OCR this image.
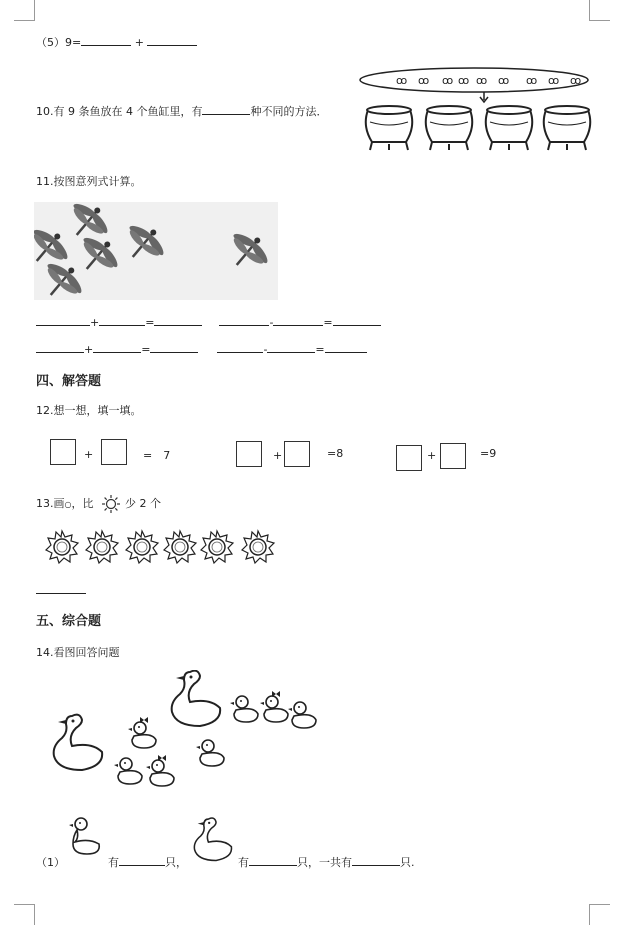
（5）9=	+
10.有 9 条鱼放在 4 个鱼缸里，有	种不同的方法．
ꝏ ꝏ ꝏ ꝏ ꝏ ꝏ ꝏ ꝏ
ꝏ
11.按图意列式计算。
+	=	-	=
+	=	-	=
四、解答题
12.想一想，填一填。
+	=　7	+	=8	+	=9
13.画○，比	少 2 个
五、综合题
14.看图回答问题
（1）	有	只，	有	只，一共有	只.
